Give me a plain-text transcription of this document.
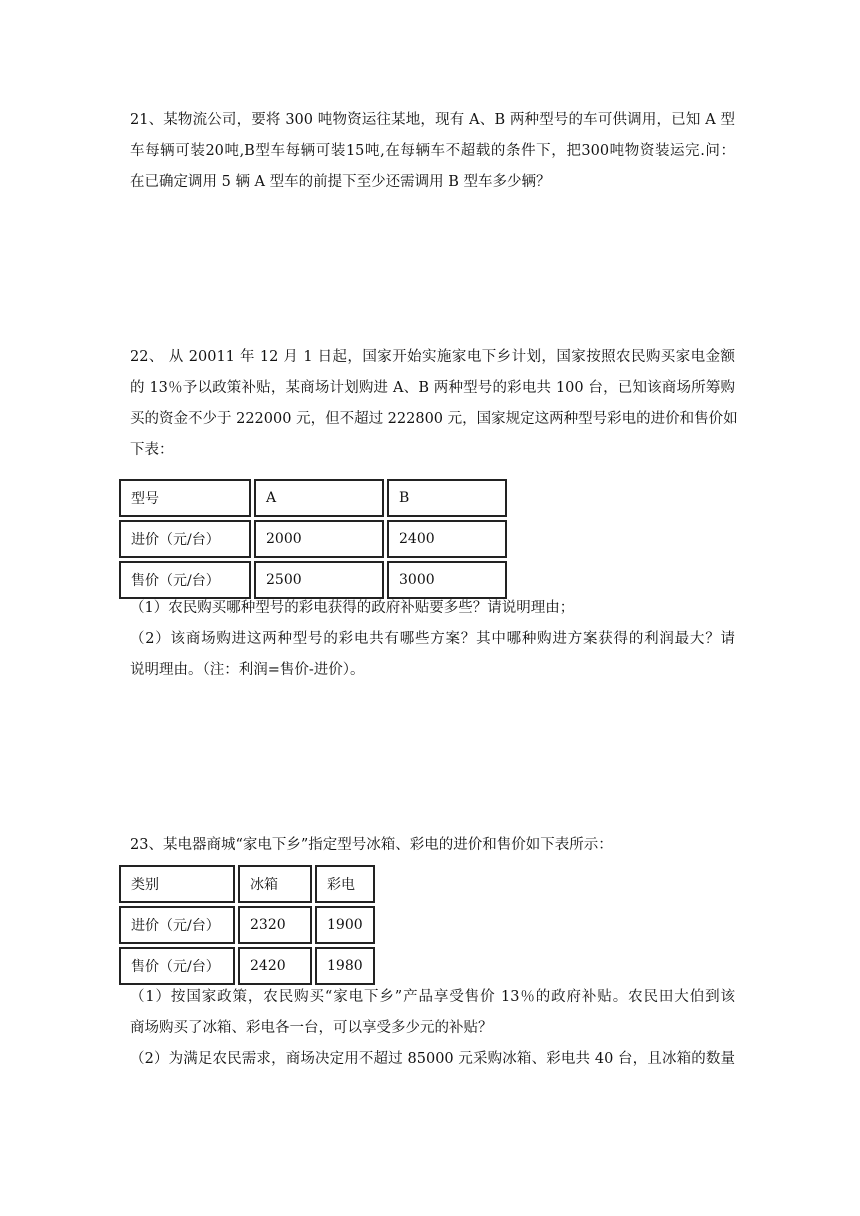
21、某物流公司，要将 300 吨物资运往某地，现有 A、B 两种型号的车可供调用，已知 A 型
车每辆可装20吨,B型车每辆可装15吨,在每辆车不超载的条件下，把300吨物资装运完.问：
在已确定调用 5 辆 A 型车的前提下至少还需调用 B 型车多少辆？
22、 从 20011 年 12 月 1 日起，国家开始实施家电下乡计划，国家按照农民购买家电金额
的 13％予以政策补贴，某商场计划购进 A、B 两种型号的彩电共 100 台，已知该商场所筹购
买的资金不少于 222000 元，但不超过 222800 元，国家规定这两种型号彩电的进价和售价如
下表：
型号	A	B
进价（元/台）	2000	2400
售价（元/台）	2500	3000
（1）农民购买哪种型号的彩电获得的政府补贴要多些？请说明理由；
（2）该商场购进这两种型号的彩电共有哪些方案？其中哪种购进方案获得的利润最大？请
说明理由。（注：利润=售价-进价）。
23、某电器商城“家电下乡”指定型号冰箱、彩电的进价和售价如下表所示：
类别	冰箱	彩电
进价（元/台）	2320	1900
售价（元/台）	2420	1980
（1）按国家政策，农民购买“家电下乡”产品享受售价 13％的政府补贴。农民田大伯到该
商场购买了冰箱、彩电各一台，可以享受多少元的补贴？
（2）为满足农民需求，商场决定用不超过 85000 元采购冰箱、彩电共 40 台，且冰箱的数量
